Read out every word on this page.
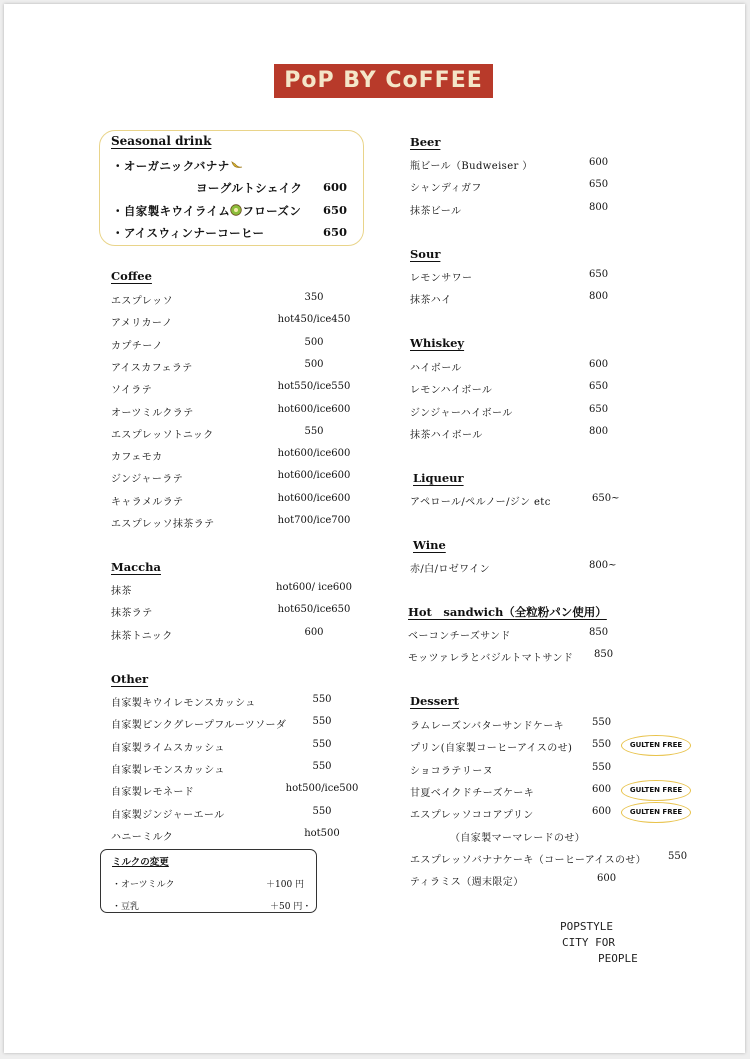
PoP BY CoFFEE
Seasonal drink
・オーガニックバナナ
ヨーグルトシェイク 600
・自家製キウイライム フローズン 650
・アイスウィンナーコーヒー	650
Coffee
エスプレッソ	350
アメリカーノ	hot450/ice450
カプチーノ	500
アイスカフェラテ	500
ソイラテ	hot550/ice550
オーツミルクラテ	hot600/ice600
エスプレッソトニック	550
カフェモカ	hot600/ice600
ジンジャーラテ	hot600/ice600
キャラメルラテ	hot600/ice600
エスプレッソ抹茶ラテ	hot700/ice700
Maccha
抹茶	hot600/ ice600
抹茶ラテ	hot650/ice650
抹茶トニック	600
Other
自家製キウイレモンスカッシュ	550
自家製ピンクグレープフルーツソーダ	550
自家製ライムスカッシュ	550
自家製レモンスカッシュ	550
自家製レモネード	hot500/ice500
自家製ジンジャーエール	550
ハニーミルク	hot500
ミルクの変更
・オーツミルク	＋100 円
・豆乳	＋50 円・
Beer
瓶ビール（Budweiser ）	600
シャンディガフ	650
抹茶ビール	800
Sour
レモンサワー	650
抹茶ハイ	800
Whiskey
ハイボール	600
レモンハイボール	650
ジンジャーハイボール	650
抹茶ハイボール	800
Liqueur
アペロール/ペルノー/ジン etc	650~
Wine
赤/白/ロゼワイン	800~
Hot　sandwich（全粒粉パン使用）
ベーコンチーズサンド	850
モッツァレラとバジルトマトサンド 850
Dessert
ラムレーズンバターサンドケーキ	550
プリン(自家製コーヒーアイスのせ) 550	GULTEN FREE
ショコラテリーヌ	550
甘夏ベイクドチーズケーキ	600	GULTEN FREE
エスプレッソココアプリン	600	GULTEN FREE
（自家製マーマレードのせ）
エスプレッソバナナケーキ（コーヒーアイスのせ） 550
ティラミス（週末限定）	600
POPSTYLE
CITY FOR
PEOPLE
